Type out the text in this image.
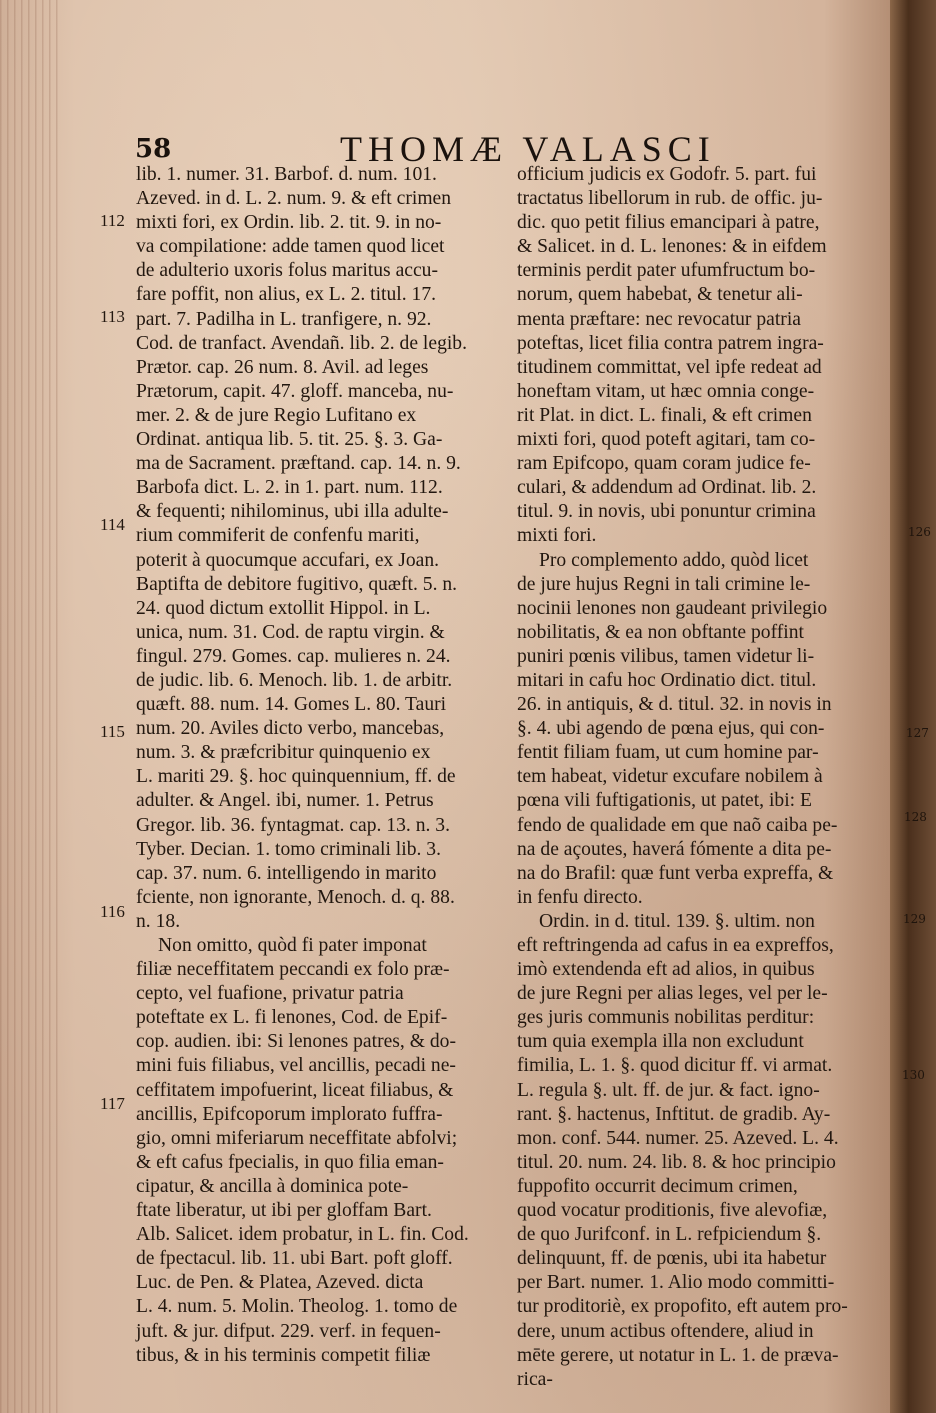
58	THOMÆ VALASCI
lib. 1. numer. 31. Barbof. d. num. 101.
Azeved. in d. L. 2. num. 9. & eft crimen
mixti fori, ex Ordin. lib. 2. tit. 9. in no-
va compilatione: adde tamen quod licet
de adulterio uxoris folus maritus accu-
fare poffit, non alius, ex L. 2. titul. 17.
part. 7. Padilha in L. tranfigere, n. 92.
Cod. de tranfact. Avendañ. lib. 2. de legib.
Prætor. cap. 26 num. 8. Avil. ad leges
Prætorum, capit. 47. gloff. manceba, nu-
mer. 2. & de jure Regio Lufitano ex
Ordinat. antiqua lib. 5. tit. 25. §. 3. Ga-
ma de Sacrament. præftand. cap. 14. n. 9.
Barbofa dict. L. 2. in 1. part. num. 112.
& fequenti; nihilominus, ubi illa adulte-
rium commiferit de confenfu mariti,
poterit à quocumque accufari, ex Joan.
Baptifta de debitore fugitivo, quæft. 5. n.
24. quod dictum extollit Hippol. in L.
unica, num. 31. Cod. de raptu virgin. &
fingul. 279. Gomes. cap. mulieres n. 24.
de judic. lib. 6. Menoch. lib. 1. de arbitr.
quæft. 88. num. 14. Gomes L. 80. Tauri
num. 20. Aviles dicto verbo, mancebas,
num. 3. & præfcribitur quinquenio ex
L. mariti 29. §. hoc quinquennium, ff. de
adulter. & Angel. ibi, numer. 1. Petrus
Gregor. lib. 36. fyntagmat. cap. 13. n. 3.
Tyber. Decian. 1. tomo criminali lib. 3.
cap. 37. num. 6. intelligendo in marito
fciente, non ignorante, Menoch. d. q. 88.
n. 18.
Non omitto, quòd fi pater imponat
filiæ neceffitatem peccandi ex folo præ-
cepto, vel fuafione, privatur patria
poteftate ex L. fi lenones, Cod. de Epif-
cop. audien. ibi: Si lenones patres, & do-
mini fuis filiabus, vel ancillis, pecadi ne-
ceffitatem impofuerint, liceat filiabus, &
ancillis, Epifcoporum implorato fuffra-
gio, omni miferiarum neceffitate abfolvi;
& eft cafus fpecialis, in quo filia eman-
cipatur, & ancilla à dominica pote-
ftate liberatur, ut ibi per gloffam Bart.
Alb. Salicet. idem probatur, in L. fin. Cod.
de fpectacul. lib. 11. ubi Bart. poft gloff.
Luc. de Pen. & Platea, Azeved. dicta
L. 4. num. 5. Molin. Theolog. 1. tomo de
juft. & jur. difput. 229. verf. in fequen-
tibus, & in his terminis competit filiæ
officium judicis ex Godofr. 5. part. fui
tractatus libellorum in rub. de offic. ju-
dic. quo petit filius emancipari à patre,
& Salicet. in d. L. lenones: & in eifdem
terminis perdit pater ufumfructum bo-
norum, quem habebat, & tenetur ali-
menta præftare: nec revocatur patria
poteftas, licet filia contra patrem ingra-
titudinem committat, vel ipfe redeat ad
honeftam vitam, ut hæc omnia conge-
rit Plat. in dict. L. finali, & eft crimen
mixti fori, quod poteft agitari, tam co-
ram Epifcopo, quam coram judice fe-
culari, & addendum ad Ordinat. lib. 2.
titul. 9. in novis, ubi ponuntur crimina
mixti fori.
Pro complemento addo, quòd licet
de jure hujus Regni in tali crimine le-
nocinii lenones non gaudeant privilegio
nobilitatis, & ea non obftante poffint
puniri pœnis vilibus, tamen videtur li-
mitari in cafu hoc Ordinatio dict. titul.
26. in antiquis, & d. titul. 32. in novis in
§. 4. ubi agendo de pœna ejus, qui con-
fentit filiam fuam, ut cum homine par-
tem habeat, videtur excufare nobilem à
pœna vili fuftigationis, ut patet, ibi: E
fendo de qualidade em que naõ caiba pe-
na de açoutes, haverá fómente a dita pe-
na do Brafil: quæ funt verba expreffa, &
in fenfu directo.
Ordin. in d. titul. 139. §. ultim. non
eft reftringenda ad cafus in ea expreffos,
imò extendenda eft ad alios, in quibus
de jure Regni per alias leges, vel per le-
ges juris communis nobilitas perditur:
tum quia exempla illa non excludunt
fimilia, L. 1. §. quod dicitur ff. vi armat.
L. regula §. ult. ff. de jur. & fact. igno-
rant. §. hactenus, Inftitut. de gradib. Ay-
mon. conf. 544. numer. 25. Azeved. L. 4.
titul. 20. num. 24. lib. 8. & hoc principio
fuppofito occurrit decimum crimen,
quod vocatur proditionis, five alevofiæ,
de quo Jurifconf. in L. refpiciendum §.
delinquunt, ff. de pœnis, ubi ita habetur
per Bart. numer. 1. Alio modo committi-
tur proditoriè, ex propofito, eft autem pro-
dere, unum actibus oftendere, aliud in
mēte gerere, ut notatur in L. 1. de præva-
rica-
112
113
114
115
116
117
126
127
128
129
130
